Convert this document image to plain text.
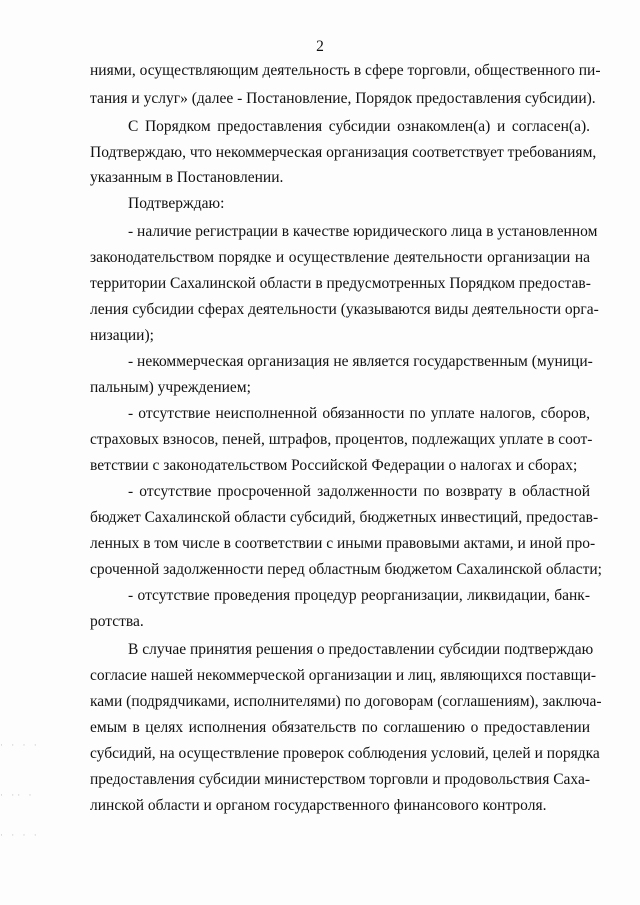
2
ниями, осуществляющим деятельность в сфере торговли, общественного пи-
тания и услуг» (далее - Постановление, Порядок предоставления субсидии).
С Порядком предоставления субсидии ознакомлен(а) и согласен(а).
Подтверждаю, что некоммерческая организация соответствует требованиям,
указанным в Постановлении.
Подтверждаю:
- наличие регистрации в качестве юридического лица в установленном
законодательством порядке и осуществление деятельности организации на
территории Сахалинской области в предусмотренных Порядком предостав-
ления субсидии сферах деятельности (указываются виды деятельности орга-
низации);
- некоммерческая организация не является государственным (муници-
пальным) учреждением;
- отсутствие неисполненной обязанности по уплате налогов, сборов,
страховых взносов, пеней, штрафов, процентов, подлежащих уплате в соот-
ветствии с законодательством Российской Федерации о налогах и сборах;
- отсутствие просроченной задолженности по возврату в областной
бюджет Сахалинской области субсидий, бюджетных инвестиций, предостав-
ленных в том числе в соответствии с иными правовыми актами, и иной про-
сроченной задолженности перед областным бюджетом Сахалинской области;
- отсутствие проведения процедур реорганизации, ликвидации, банк-
ротства.
В случае принятия решения о предоставлении субсидии подтверждаю
согласие нашей некоммерческой организации и лиц, являющихся поставщи-
ками (подрядчиками, исполнителями) по договорам (соглашениям), заключа-
емым в целях исполнения обязательств по соглашению о предоставлении
субсидий, на осуществление проверок соблюдения условий, целей и порядка
предоставления субсидии министерством торговли и продовольствия Саха-
линской области и органом государственного финансового контроля.
· · · ·
· ·· ·
· · · ·
